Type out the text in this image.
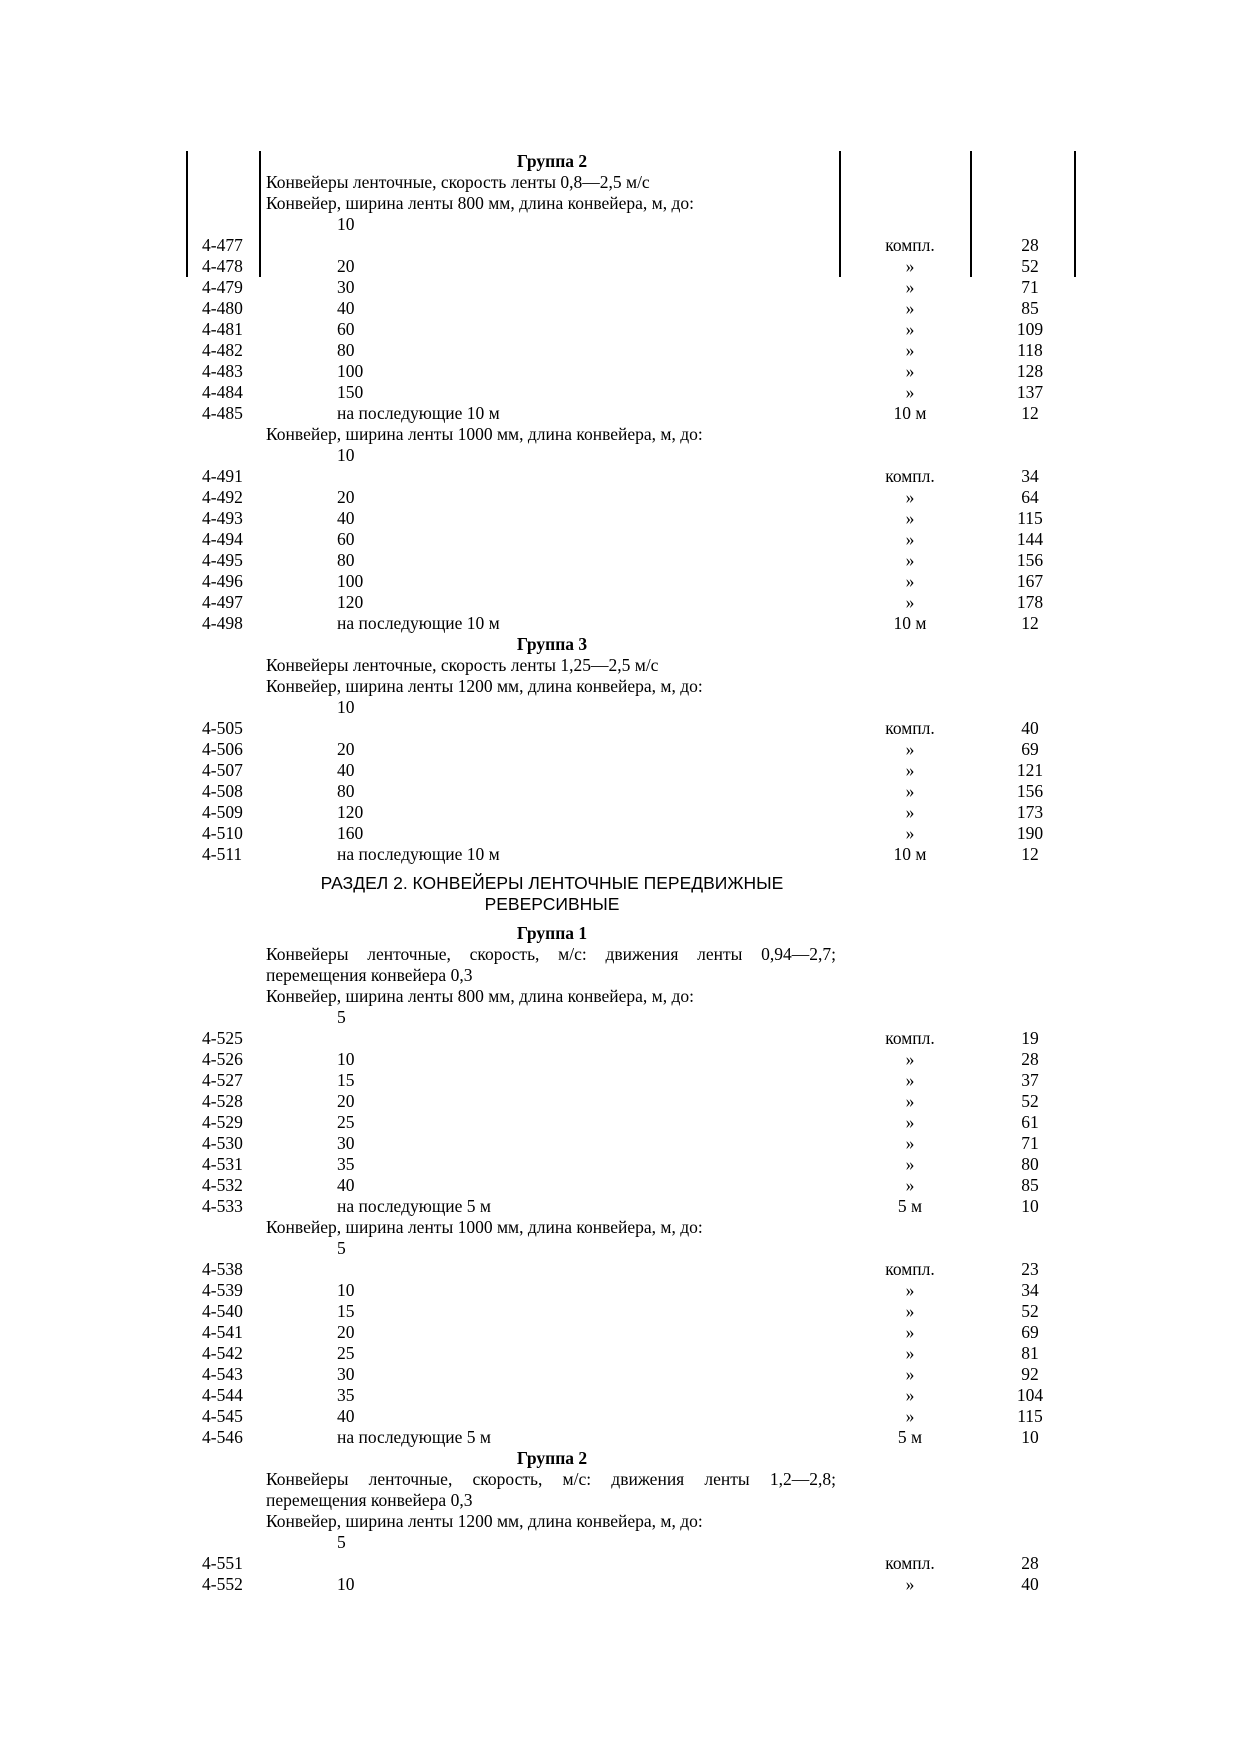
Группа 2
Конвейеры ленточные, скорость ленты 0,8—2,5 м/с
Конвейер, ширина ленты 800 мм, длина конвейера, м, до:
10
4-477	компл.	28
4-478	20	»	52
4-479	30	»	71
4-480	40	»	85
4-481	60	»	109
4-482	80	»	118
4-483	100	»	128
4-484	150	»	137
4-485	на последующие 10 м	10 м	12
Конвейер, ширина ленты 1000 мм, длина конвейера, м, до:
10
4-491	компл.	34
4-492	20	»	64
4-493	40	»	115
4-494	60	»	144
4-495	80	»	156
4-496	100	»	167
4-497	120	»	178
4-498	на последующие 10 м	10 м	12
Группа 3
Конвейеры ленточные, скорость ленты 1,25—2,5 м/с
Конвейер, ширина ленты 1200 мм, длина конвейера, м, до:
10
4-505	компл.	40
4-506	20	»	69
4-507	40	»	121
4-508	80	»	156
4-509	120	»	173
4-510	160	»	190
4-511	на последующие 10 м	10 м	12
РАЗДЕЛ 2. КОНВЕЙЕРЫ ЛЕНТОЧНЫЕ ПЕРЕДВИЖНЫЕ
РЕВЕРСИВНЫЕ
Группа 1
Конвейеры ленточные, скорость, м/с: движения ленты 0,94—2,7;
перемещения конвейера 0,3
Конвейер, ширина ленты 800 мм, длина конвейера, м, до:
5
4-525	компл.	19
4-526	10	»	28
4-527	15	»	37
4-528	20	»	52
4-529	25	»	61
4-530	30	»	71
4-531	35	»	80
4-532	40	»	85
4-533	на последующие 5 м	5 м	10
Конвейер, ширина ленты 1000 мм, длина конвейера, м, до:
5
4-538	компл.	23
4-539	10	»	34
4-540	15	»	52
4-541	20	»	69
4-542	25	»	81
4-543	30	»	92
4-544	35	»	104
4-545	40	»	115
4-546	на последующие 5 м	5 м	10
Группа 2
Конвейеры ленточные, скорость, м/с: движения ленты 1,2—2,8;
перемещения конвейера 0,3
Конвейер, ширина ленты 1200 мм, длина конвейера, м, до:
5
4-551	компл.	28
4-552	10	»	40
